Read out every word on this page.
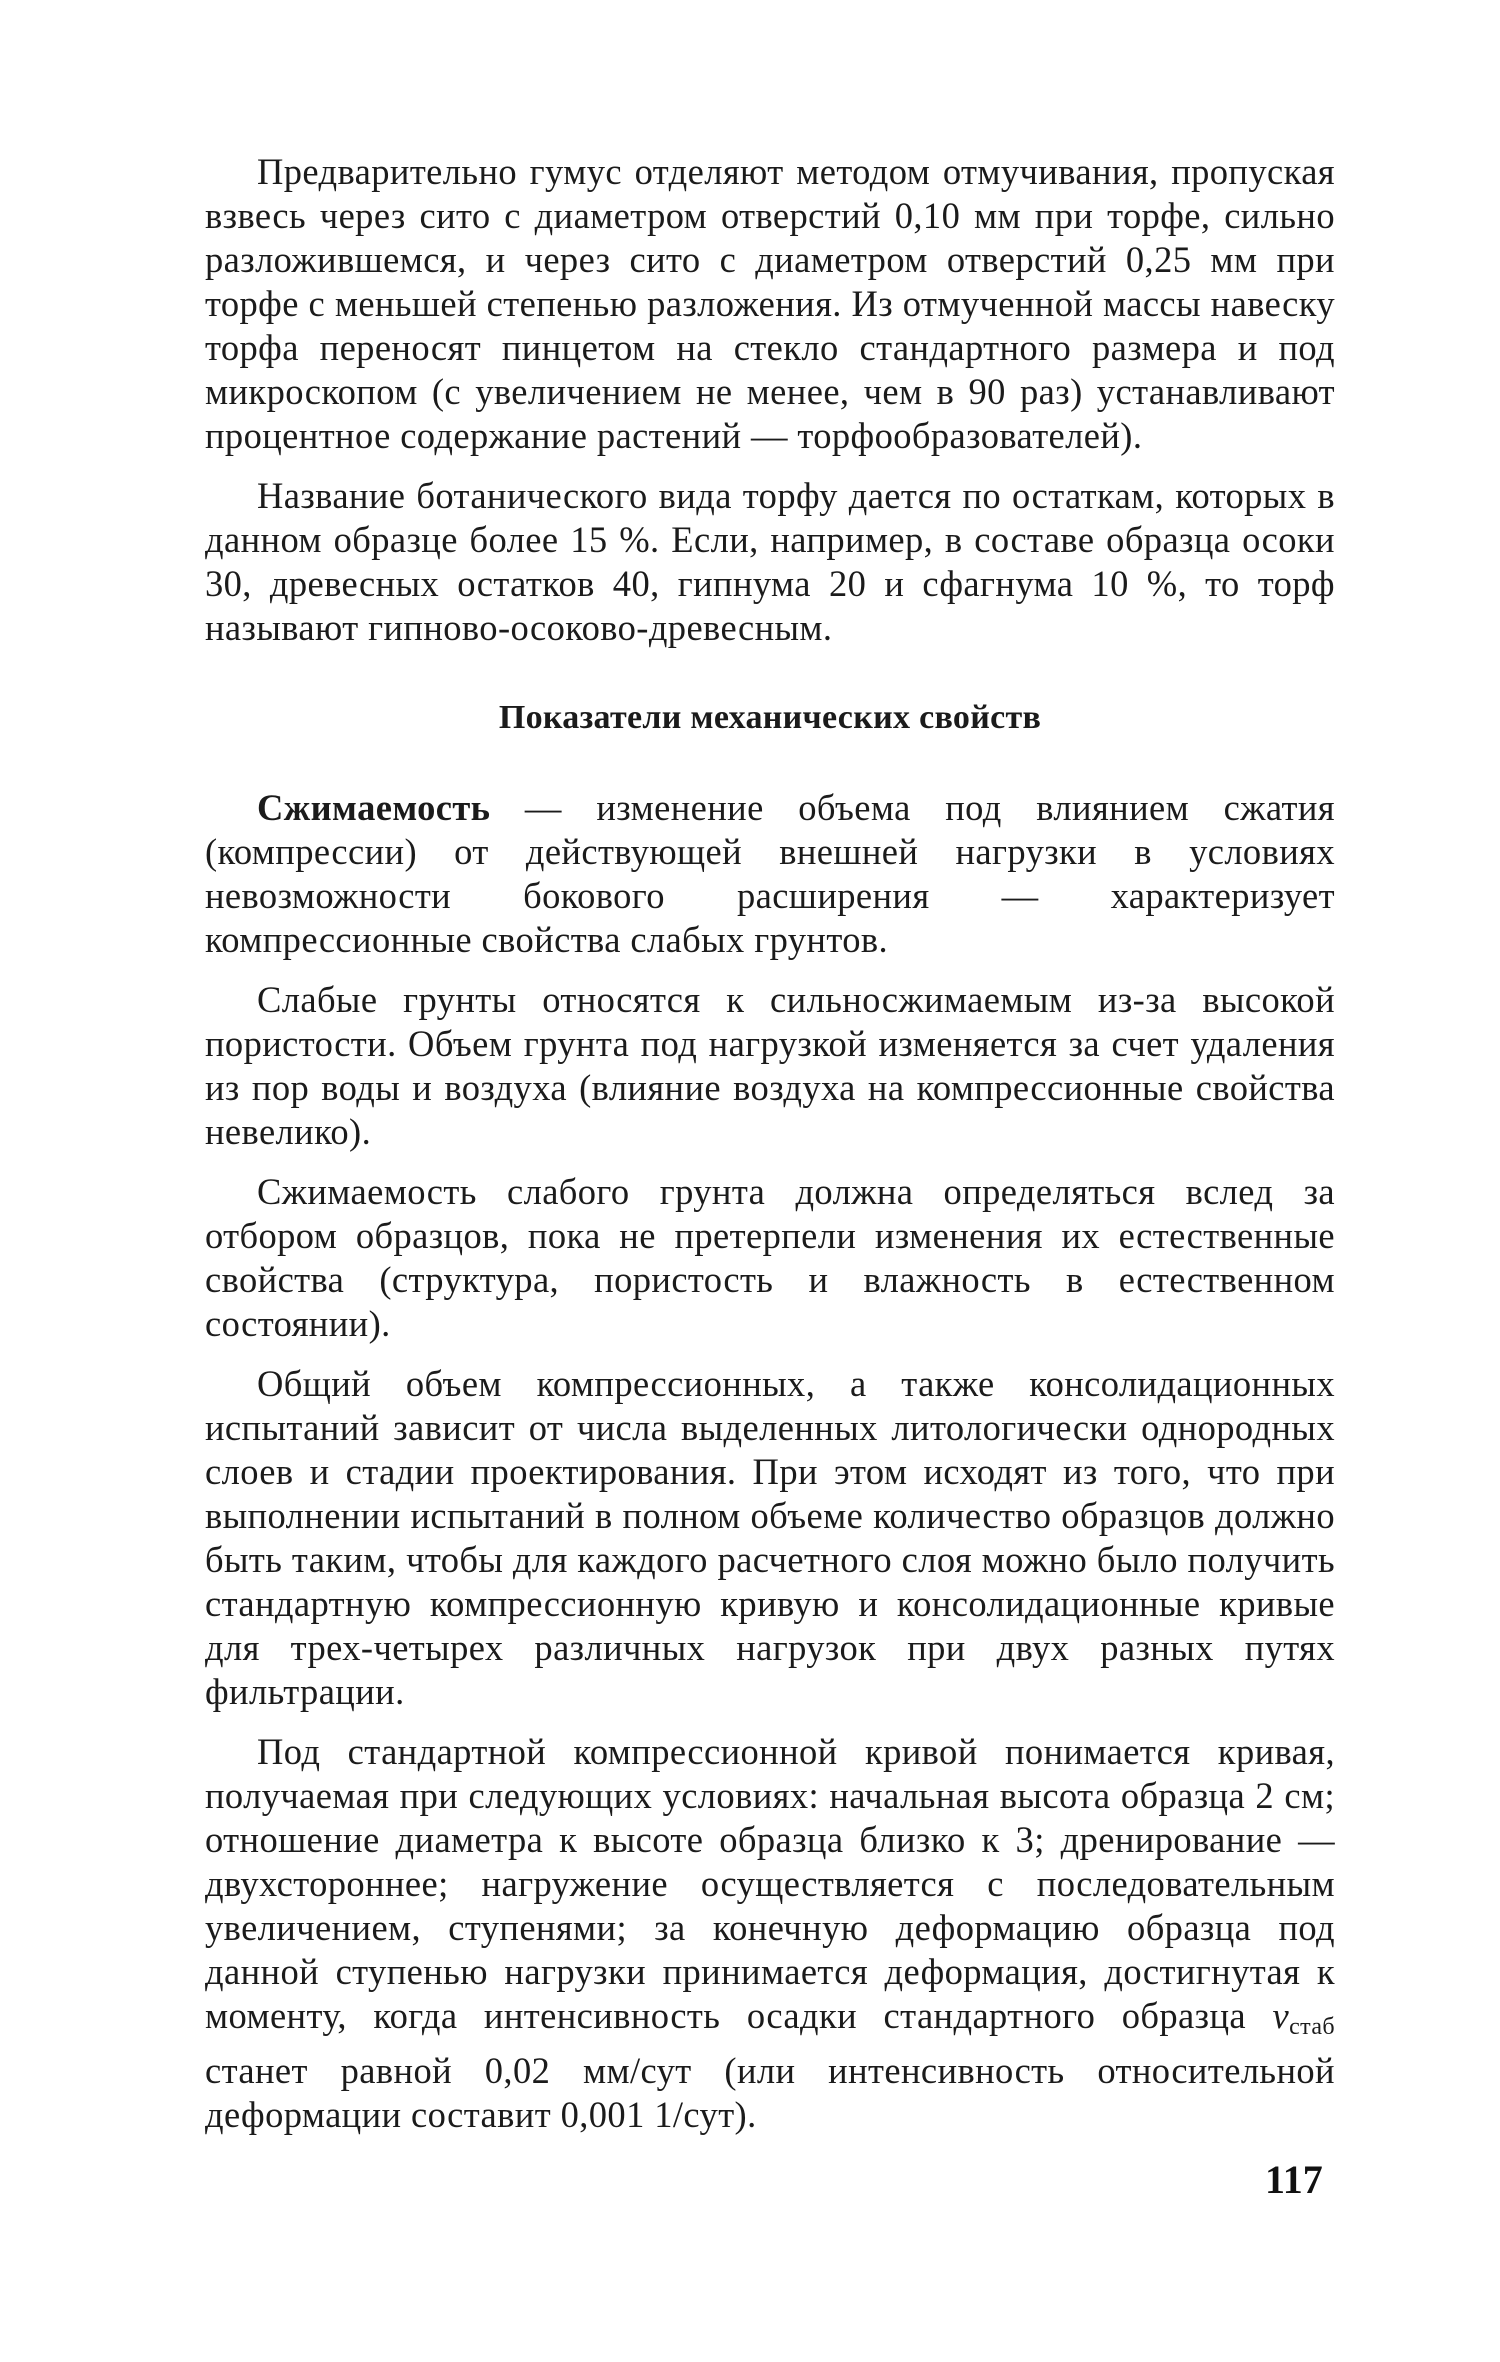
Предварительно гумус отделяют методом отмучивания, пропуская взвесь через сито с диаметром отверстий 0,10 мм при торфе, сильно разложившемся, и через сито с диаметром отверстий 0,25 мм при торфе с меньшей степенью разложения. Из отмученной массы навеску торфа переносят пинцетом на стекло стандартного размера и под микроскопом (с увеличением не менее, чем в 90 раз) устанавливают процентное содержание растений — торфообразователей).

Название ботанического вида торфу дается по остаткам, которых в данном образце более 15 %. Если, например, в составе образца осоки 30, древесных остатков 40, гипнума 20 и сфагнума 10 %, то торф называют гипново-осоково-древесным.

Показатели механических свойств

Сжимаемость — изменение объема под влиянием сжатия (компрессии) от действующей внешней нагрузки в условиях невозможности бокового расширения — характеризует компрессионные свойства слабых грунтов.

Слабые грунты относятся к сильносжимаемым из-за высокой пористости. Объем грунта под нагрузкой изменяется за счет удаления из пор воды и воздуха (влияние воздуха на компрессионные свойства невелико).

Сжимаемость слабого грунта должна определяться вслед за отбором образцов, пока не претерпели изменения их естественные свойства (структура, пористость и влажность в естественном состоянии).

Общий объем компрессионных, а также консолидационных испытаний зависит от числа выделенных литологически однородных слоев и стадии проектирования. При этом исходят из того, что при выполнении испытаний в полном объеме количество образцов должно быть таким, чтобы для каждого расчетного слоя можно было получить стандартную компрессионную кривую и консолидационные кривые для трех-четырех различных нагрузок при двух разных путях фильтрации.

Под стандартной компрессионной кривой понимается кривая, получаемая при следующих условиях: начальная высота образца 2 см; отношение диаметра к высоте образца близко к 3; дренирование — двухстороннее; нагружение осуществляется с последовательным увеличением, ступенями; за конечную деформацию образца под данной ступенью нагрузки принимается деформация, достигнутая к моменту, когда интенсивность осадки стандартного образца $v_{стаб}$ станет равной 0,02 мм/сут (или интенсивность относительной деформации составит 0,001 1/сут).

117
